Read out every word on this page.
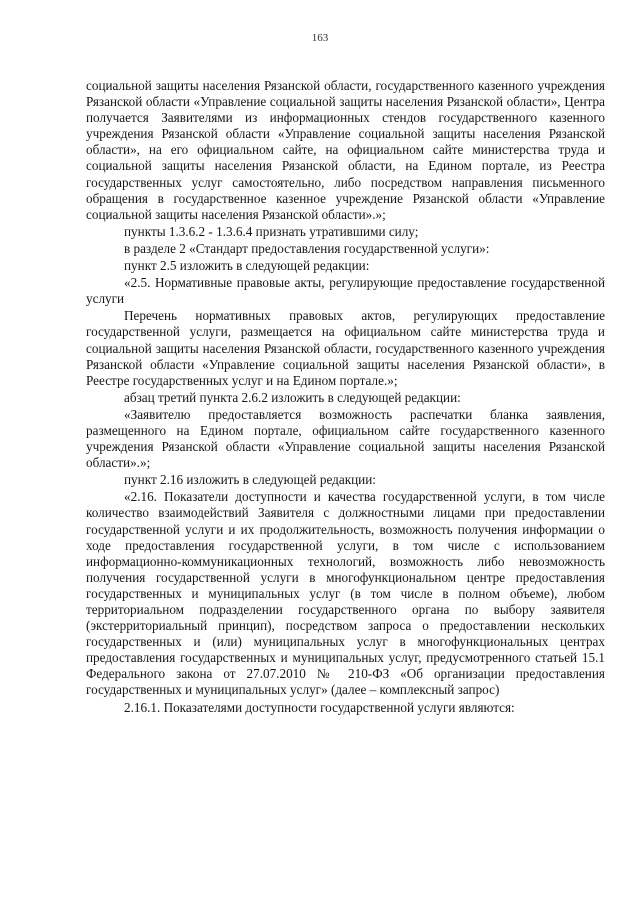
163

социальной защиты населения Рязанской области, государственного казенного учреждения Рязанской области «Управление социальной защиты населения Рязанской области», Центра получается Заявителями из информационных стендов государственного казенного учреждения Рязанской области «Управление социальной защиты населения Рязанской области», на его официальном сайте, на официальном сайте министерства труда и социальной защиты населения Рязанской области, на Едином портале, из Реестра государственных услуг самостоятельно, либо посредством направления письменного обращения в государственное казенное учреждение Рязанской области «Управление социальной защиты населения Рязанской области».»;

пункты 1.3.6.2 - 1.3.6.4 признать утратившими силу;

в разделе 2 «Стандарт предоставления государственной услуги»:

пункт 2.5 изложить в следующей редакции:

«2.5. Нормативные правовые акты, регулирующие предоставление государственной услуги

Перечень нормативных правовых актов, регулирующих предоставление государственной услуги, размещается на официальном сайте министерства труда и социальной защиты населения Рязанской области, государственного казенного учреждения Рязанской области «Управление социальной защиты населения Рязанской области», в Реестре государственных услуг и на Едином портале.»;

абзац третий пункта 2.6.2 изложить в следующей редакции:

«Заявителю предоставляется возможность распечатки бланка заявления, размещенного на Едином портале, официальном сайте государственного казенного учреждения Рязанской области «Управление социальной защиты населения Рязанской области».»;

пункт 2.16 изложить в следующей редакции:

«2.16. Показатели доступности и качества государственной услуги, в том числе количество взаимодействий Заявителя с должностными лицами при предоставлении государственной услуги и их продолжительность, возможность получения информации о ходе предоставления государственной услуги, в том числе с использованием информационно-коммуникационных технологий, возможность либо невозможность получения государственной услуги в многофункциональном центре предоставления государственных и муниципальных услуг (в том числе в полном объеме), любом территориальном подразделении государственного органа по выбору заявителя (экстерриториальный принцип), посредством запроса о предоставлении нескольких государственных и (или) муниципальных услуг в многофункциональных центрах предоставления государственных и муниципальных услуг, предусмотренного статьей 15.1 Федерального закона от 27.07.2010 № 210-ФЗ «Об организации предоставления государственных и муниципальных услуг» (далее – комплексный запрос)

2.16.1. Показателями доступности государственной услуги являются:
